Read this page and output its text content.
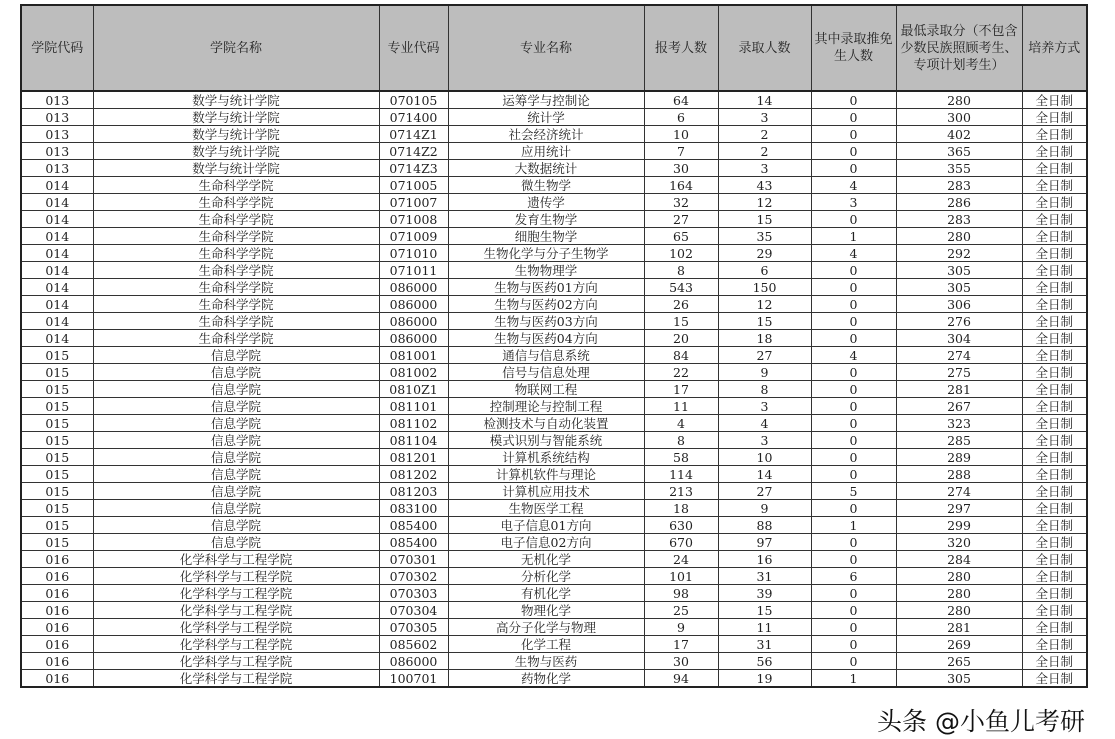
学院代码	学院名称	专业代码	专业名称	报考人数	录取人数	其中录取推免生人数	最低录取分（不包含少数民族照顾考生、专项计划考生）	培养方式
013	数学与统计学院	070105	运筹学与控制论	64	14	0	280	全日制
013	数学与统计学院	071400	统计学	6	3	0	300	全日制
013	数学与统计学院	0714Z1	社会经济统计	10	2	0	402	全日制
013	数学与统计学院	0714Z2	应用统计	7	2	0	365	全日制
013	数学与统计学院	0714Z3	大数据统计	30	3	0	355	全日制
014	生命科学学院	071005	微生物学	164	43	4	283	全日制
014	生命科学学院	071007	遗传学	32	12	3	286	全日制
014	生命科学学院	071008	发育生物学	27	15	0	283	全日制
014	生命科学学院	071009	细胞生物学	65	35	1	280	全日制
014	生命科学学院	071010	生物化学与分子生物学	102	29	4	292	全日制
014	生命科学学院	071011	生物物理学	8	6	0	305	全日制
014	生命科学学院	086000	生物与医药01方向	543	150	0	305	全日制
014	生命科学学院	086000	生物与医药02方向	26	12	0	306	全日制
014	生命科学学院	086000	生物与医药03方向	15	15	0	276	全日制
014	生命科学学院	086000	生物与医药04方向	20	18	0	304	全日制
015	信息学院	081001	通信与信息系统	84	27	4	274	全日制
015	信息学院	081002	信号与信息处理	22	9	0	275	全日制
015	信息学院	0810Z1	物联网工程	17	8	0	281	全日制
015	信息学院	081101	控制理论与控制工程	11	3	0	267	全日制
015	信息学院	081102	检测技术与自动化装置	4	4	0	323	全日制
015	信息学院	081104	模式识别与智能系统	8	3	0	285	全日制
015	信息学院	081201	计算机系统结构	58	10	0	289	全日制
015	信息学院	081202	计算机软件与理论	114	14	0	288	全日制
015	信息学院	081203	计算机应用技术	213	27	5	274	全日制
015	信息学院	083100	生物医学工程	18	9	0	297	全日制
015	信息学院	085400	电子信息01方向	630	88	1	299	全日制
015	信息学院	085400	电子信息02方向	670	97	0	320	全日制
016	化学科学与工程学院	070301	无机化学	24	16	0	284	全日制
016	化学科学与工程学院	070302	分析化学	101	31	6	280	全日制
016	化学科学与工程学院	070303	有机化学	98	39	0	280	全日制
016	化学科学与工程学院	070304	物理化学	25	15	0	280	全日制
016	化学科学与工程学院	070305	高分子化学与物理	9	11	0	281	全日制
016	化学科学与工程学院	085602	化学工程	17	31	0	269	全日制
016	化学科学与工程学院	086000	生物与医药	30	56	0	265	全日制
016	化学科学与工程学院	100701	药物化学	94	19	1	305	全日制
头条 @小鱼儿考研
